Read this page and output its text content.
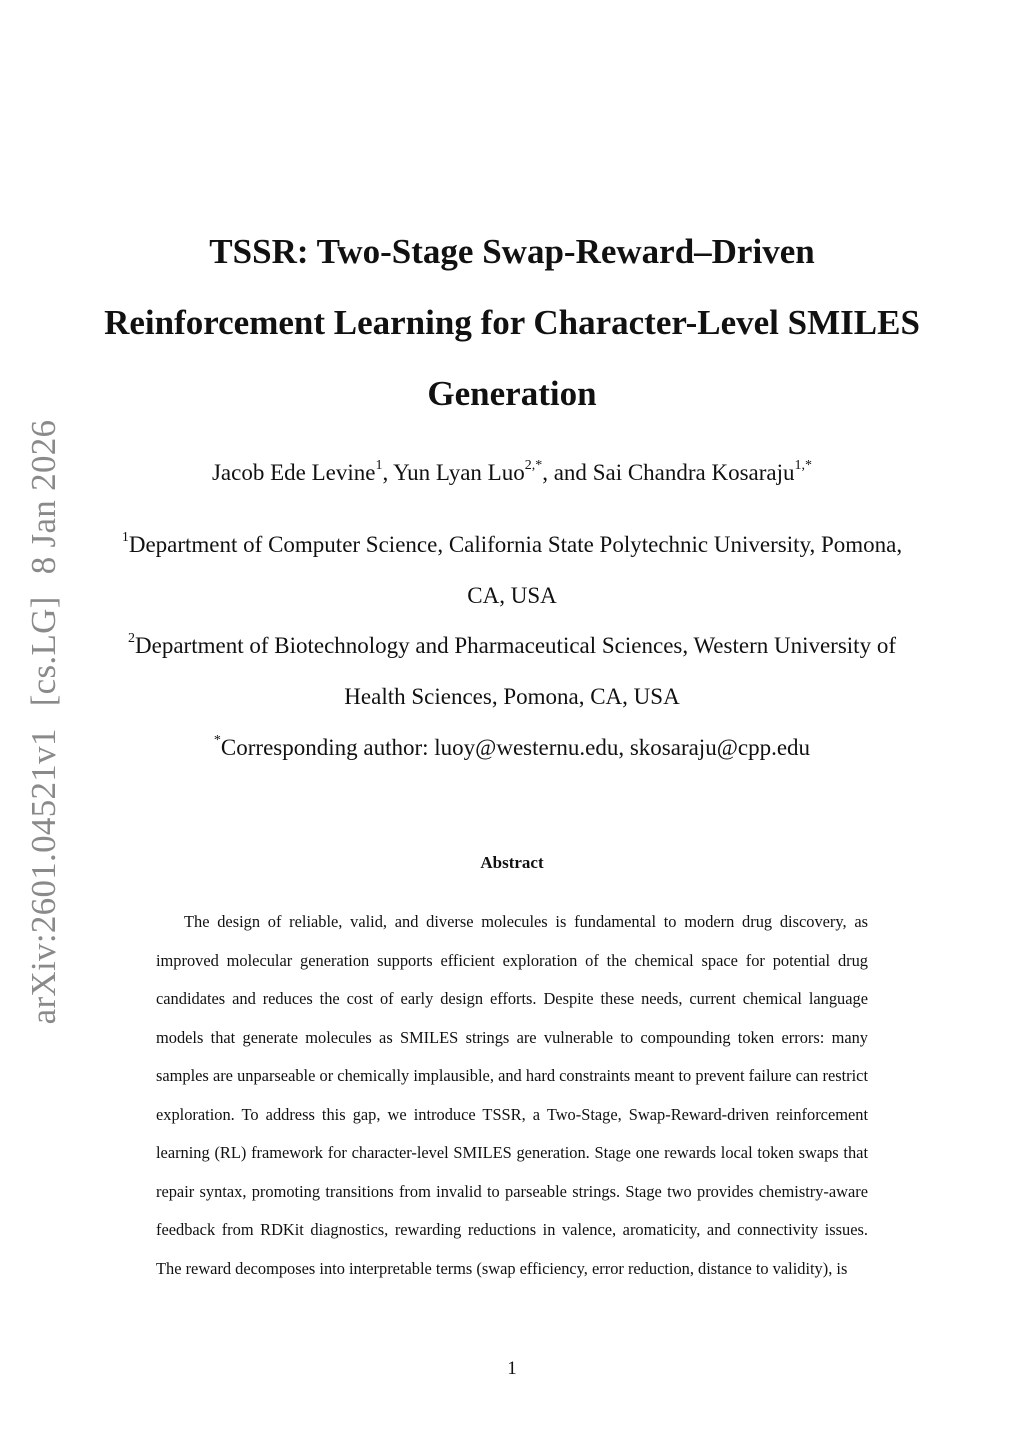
arXiv:2601.04521v1[cs.LG]8 Jan 2026
TSSR: Two-Stage Swap-Reward–Driven
Reinforcement Learning for Character-Level SMILES
Generation
Jacob Ede Levine$^1$, Yun Lyan Luo$^{2,*}$, and Sai Chandra Kosaraju$^{1,*}$
$^1$Department of Computer Science, California State Polytechnic University, Pomona,
CA, USA
$^2$Department of Biotechnology and Pharmaceutical Sciences, Western University of
Health Sciences, Pomona, CA, USA
*Corresponding author: luoy@westernu.edu, skosaraju@cpp.edu
Abstract
The design of reliable, valid, and diverse molecules is fundamental to modern drug discovery, as improved molecular generation supports efficient exploration of the chemical space for potential drug candidates and reduces the cost of early design efforts. Despite these needs, current chemical language models that generate molecules as SMILES strings are vulnerable to compounding token errors: many samples are unparseable or chemically implausible, and hard constraints meant to prevent failure can restrict exploration. To address this gap, we introduce TSSR, a Two-Stage, Swap-Reward-driven reinforcement learning (RL) framework for character-level SMILES generation. Stage one rewards local token swaps that repair syntax, promoting transitions from invalid to parseable strings. Stage two provides chemistry-aware feedback from RDKit diagnostics, rewarding reductions in valence, aromaticity, and connectivity issues. The reward decomposes into interpretable terms (swap efficiency, error reduction, distance to validity), is
1
